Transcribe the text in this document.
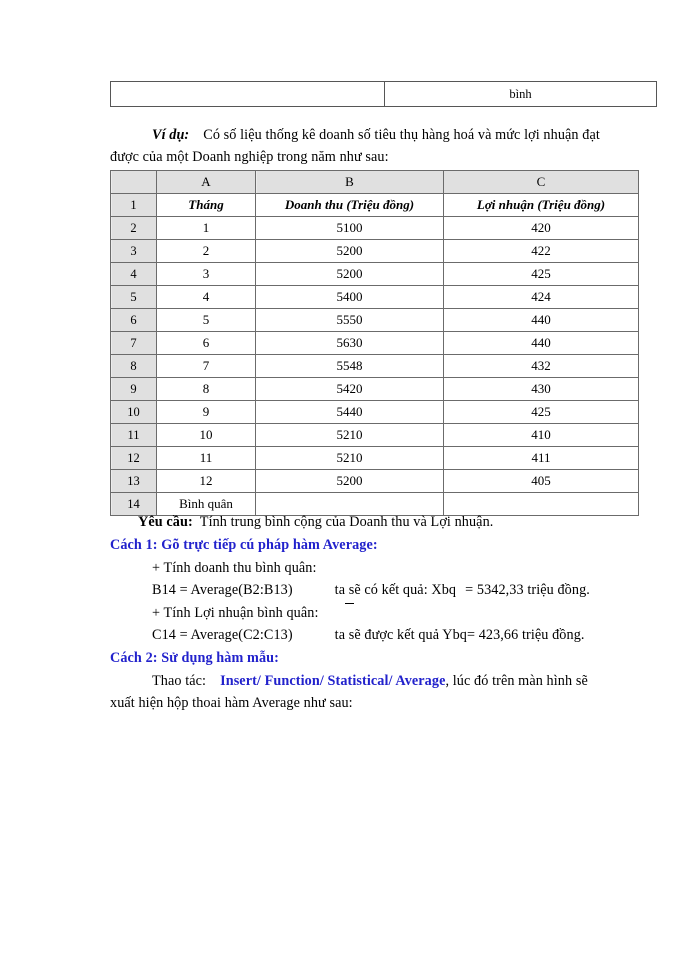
	bình
Ví dụ: Có số liệu thống kê doanh số tiêu thụ hàng hoá và mức lợi nhuận đạt
được của một Doanh nghiệp trong năm như sau:
	A	B	C
1	Tháng	Doanh thu (Triệu đồng)	Lợi nhuận (Triệu đồng)
2	1	5100	420
3	2	5200	422
4	3	5200	425
5	4	5400	424
6	5	5550	440
7	6	5630	440
8	7	5548	432
9	8	5420	430
10	9	5440	425
11	10	5210	410
12	11	5210	411
13	12	5200	405
14	Bình quân		
Yêu cầu: Tính trung bình cộng của Doanh thu và Lợi nhuận.
Cách 1: Gõ trực tiếp cú pháp hàm Average:
+ Tính doanh thu bình quân:
B14 = Average(B2:B13)	ta sẽ có kết quả: Xbq = 5342,33 triệu đồng.
+ Tính Lợi nhuận bình quân:
C14 = Average(C2:C13)	ta sẽ được kết quả Ybq= 423,66 triệu đồng.
Cách 2: Sử dụng hàm mẫu:
Thao tác: Insert/ Function/ Statistical/ Average, lúc đó trên màn hình sẽ
xuất hiện hộp thoai hàm Average như sau:
